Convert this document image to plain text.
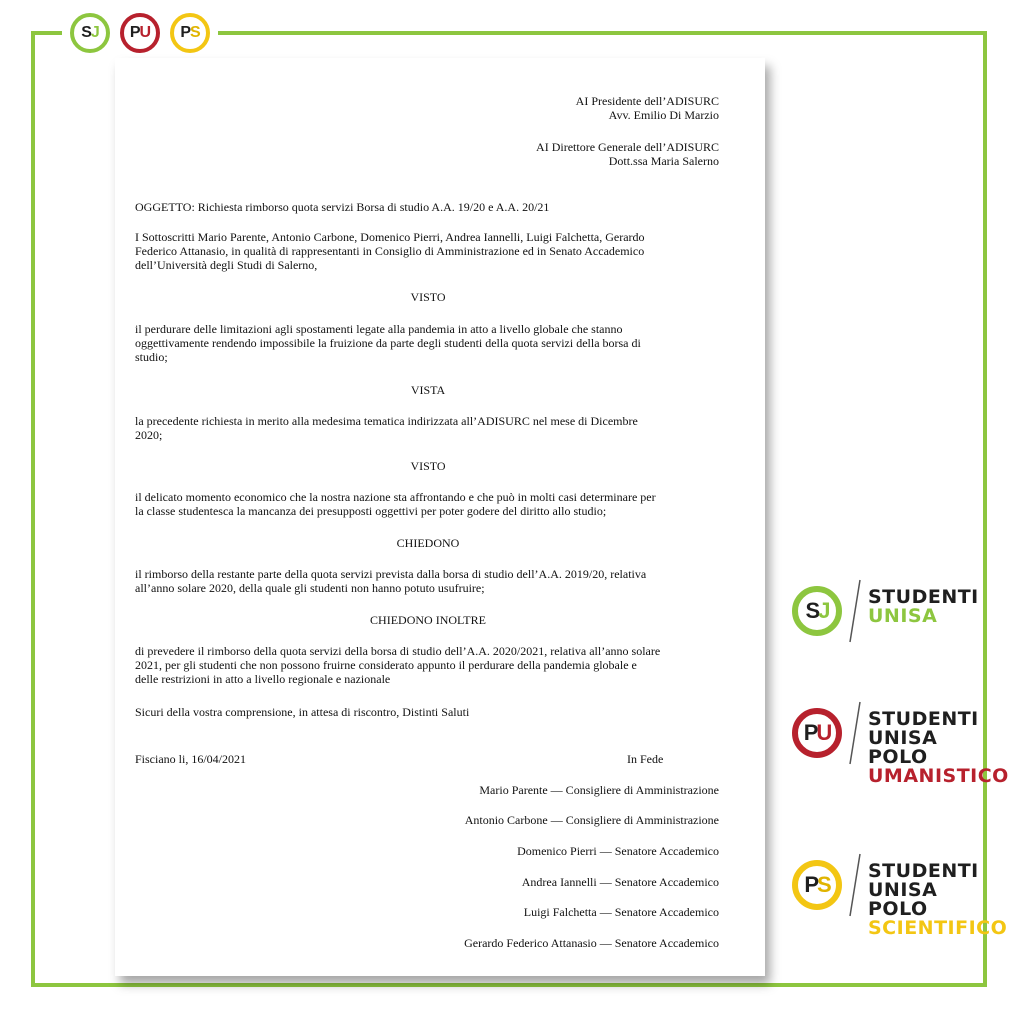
S J P U P S
AI Presidente dell’ADISURC
Avv. Emilio Di Marzio
AI Direttore Generale dell’ADISURC
Dott.ssa Maria Salerno
OGGETTO: Richiesta rimborso quota servizi Borsa di studio A.A. 19/20 e A.A. 20/21
I Sottoscritti Mario Parente, Antonio Carbone, Domenico Pierri, Andrea Iannelli, Luigi Falchetta, Gerardo
Federico Attanasio, in qualità di rappresentanti in Consiglio di Amministrazione ed in Senato Accademico
dell’Università degli Studi di Salerno,
VISTO
il perdurare delle limitazioni agli spostamenti legate alla pandemia in atto a livello globale che stanno
oggettivamente rendendo impossibile la fruizione da parte degli studenti della quota servizi della borsa di
studio;
VISTA
la precedente richiesta in merito alla medesima tematica indirizzata all’ADISURC nel mese di Dicembre
2020;
VISTO
il delicato momento economico che la nostra nazione sta affrontando e che può in molti casi determinare per
la classe studentesca la mancanza dei presupposti oggettivi per poter godere del diritto allo studio;
CHIEDONO
il rimborso della restante parte della quota servizi prevista dalla borsa di studio dell’A.A. 2019/20, relativa
all’anno solare 2020, della quale gli studenti non hanno potuto usufruire;
CHIEDONO INOLTRE
di prevedere il rimborso della quota servizi della borsa di studio dell’A.A. 2020/2021, relativa all’anno solare
2021, per gli studenti che non possono fruirne considerato appunto il perdurare della pandemia globale e
delle restrizioni in atto a livello regionale e nazionale
Sicuri della vostra comprensione, in attesa di riscontro, Distinti Saluti
Fisciano li, 16/04/2021	In Fede
Mario Parente — Consigliere di Amministrazione
Antonio Carbone — Consigliere di Amministrazione
Domenico Pierri — Senatore Accademico
Andrea Iannelli — Senatore Accademico
Luigi Falchetta — Senatore Accademico
Gerardo Federico Attanasio — Senatore Accademico
S J
STUDENTI
UNISA
P U
STUDENTI
UNISA
POLO
UMANISTICO
P S
STUDENTI
UNISA
POLO
SCIENTIFICO
